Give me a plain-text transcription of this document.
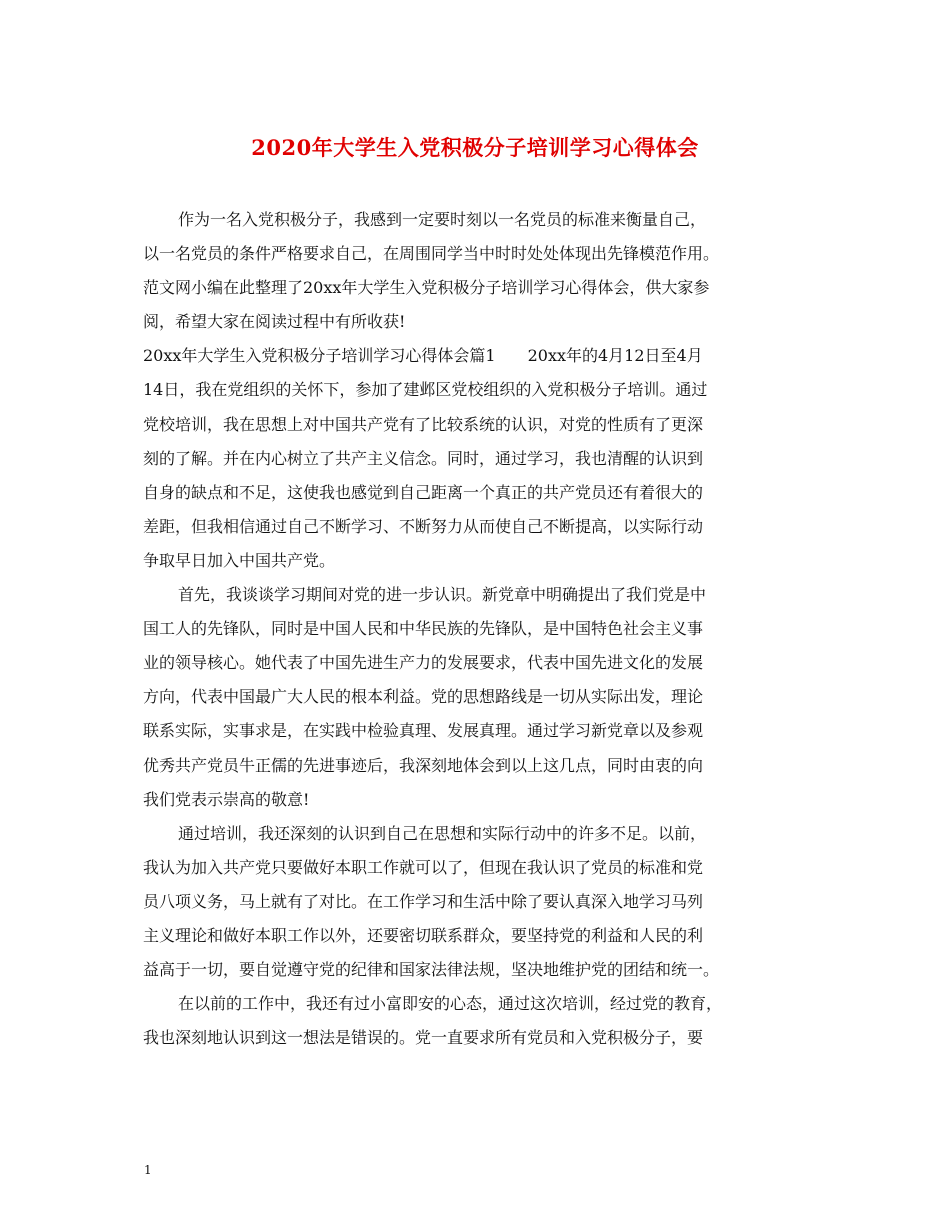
2020年大学生入党积极分子培训学习心得体会
作为一名入党积极分子，我感到一定要时刻以一名党员的标准来衡量自己，
以一名党员的条件严格要求自己，在周围同学当中时时处处体现出先锋模范作用。
范文网小编在此整理了20xx年大学生入党积极分子培训学习心得体会，供大家参
阅，希望大家在阅读过程中有所收获!
20xx年大学生入党积极分子培训学习心得体会篇1　　20xx年的4月12日至4月
14日，我在党组织的关怀下，参加了建邺区党校组织的入党积极分子培训。通过
党校培训，我在思想上对中国共产党有了比较系统的认识，对党的性质有了更深
刻的了解。并在内心树立了共产主义信念。同时，通过学习，我也清醒的认识到
自身的缺点和不足，这使我也感觉到自己距离一个真正的共产党员还有着很大的
差距，但我相信通过自己不断学习、不断努力从而使自己不断提高，以实际行动
争取早日加入中国共产党。
首先，我谈谈学习期间对党的进一步认识。新党章中明确提出了我们党是中
国工人的先锋队，同时是中国人民和中华民族的先锋队，是中国特色社会主义事
业的领导核心。她代表了中国先进生产力的发展要求，代表中国先进文化的发展
方向，代表中国最广大人民的根本利益。党的思想路线是一切从实际出发，理论
联系实际，实事求是，在实践中检验真理、发展真理。通过学习新党章以及参观
优秀共产党员牛正儒的先进事迹后，我深刻地体会到以上这几点，同时由衷的向
我们党表示崇高的敬意!
通过培训，我还深刻的认识到自己在思想和实际行动中的许多不足。以前，
我认为加入共产党只要做好本职工作就可以了，但现在我认识了党员的标准和党
员八项义务，马上就有了对比。在工作学习和生活中除了要认真深入地学习马列
主义理论和做好本职工作以外，还要密切联系群众，要坚持党的利益和人民的利
益高于一切，要自觉遵守党的纪律和国家法律法规，坚决地维护党的团结和统一。
在以前的工作中，我还有过小富即安的心态，通过这次培训，经过党的教育，
我也深刻地认识到这一想法是错误的。党一直要求所有党员和入党积极分子，要
1
